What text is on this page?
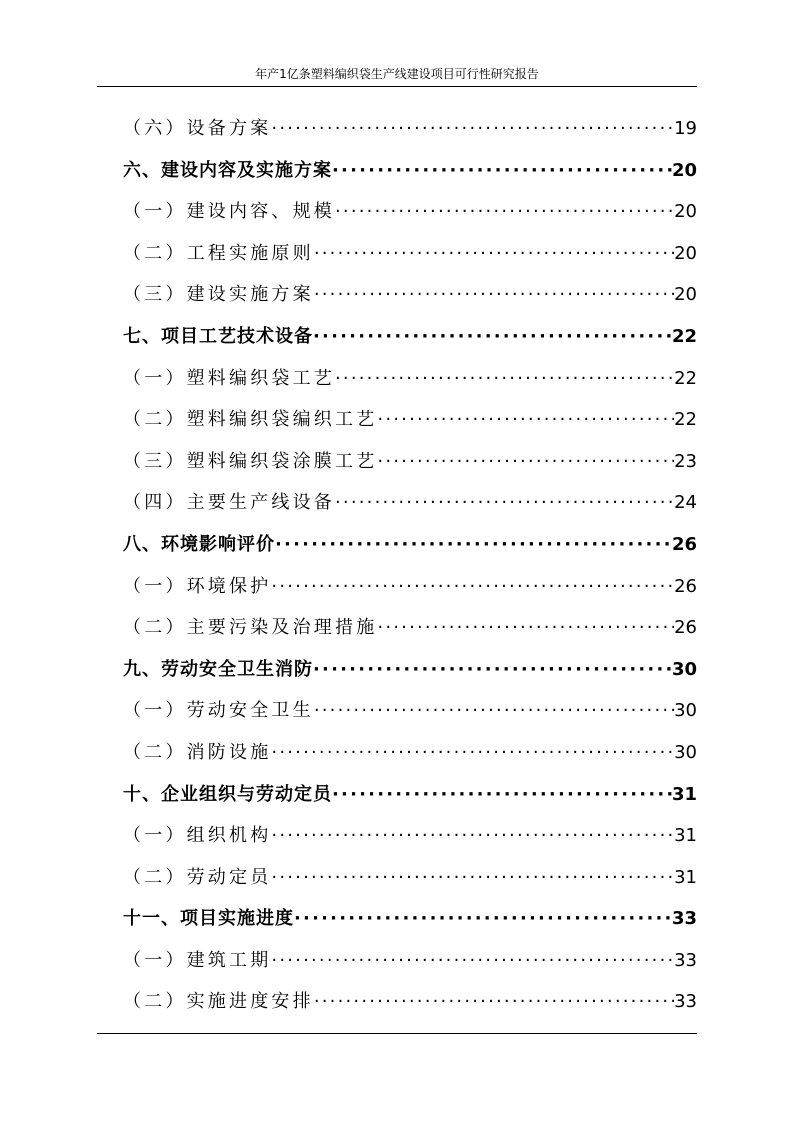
年产1亿条塑料编织袋生产线建设项目可行性研究报告
（六）设备方案 ·····	19
六、建设内容及实施方案 ·····	20
（一）建设内容、规模 ·····	20
（二）工程实施原则 ·····	20
（三）建设实施方案 ·····	20
七、项目工艺技术设备 ·····	22
（一）塑料编织袋工艺 ·····	22
（二）塑料编织袋编织工艺 ·····	22
（三）塑料编织袋涂膜工艺 ·····	23
（四）主要生产线设备 ·····	24
八、环境影响评价 ·····	26
（一）环境保护 ·····	26
（二）主要污染及治理措施 ·····	26
九、劳动安全卫生消防 ·····	30
（一）劳动安全卫生 ·····	30
（二）消防设施 ·····	30
十、企业组织与劳动定员 ·····	31
（一）组织机构 ·····	31
（二）劳动定员 ·····	31
十一、项目实施进度 ·····	33
（一）建筑工期 ·····	33
（二）实施进度安排 ·····	33
